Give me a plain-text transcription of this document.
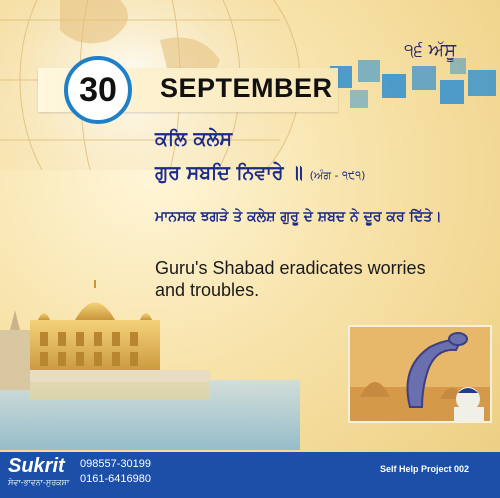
30	SEPTEMBER
੧੬ ਅੱਸੂ
ਕਲਿ ਕਲੇਸ
ਗੁਰ ਸਬਦਿ ਨਿਵਾਰੇ ॥ (ਅੰਗ - ੧੯੧)
ਮਾਨਸਕ ਝਗੜੇ ਤੇ ਕਲੇਸ਼ ਗੁਰੂ ਦੇ ਸ਼ਬਦ ਨੇ ਦੂਰ ਕਰ ਦਿੱਤੇ।
Guru's Shabad eradicates worries and troubles.
Sukrit
ਸੇਵਾ-ਭਾਵਨਾ-ਸੁਰਕਸ਼ਾ
098557-30199
0161-6416980
Self Help Project 002
